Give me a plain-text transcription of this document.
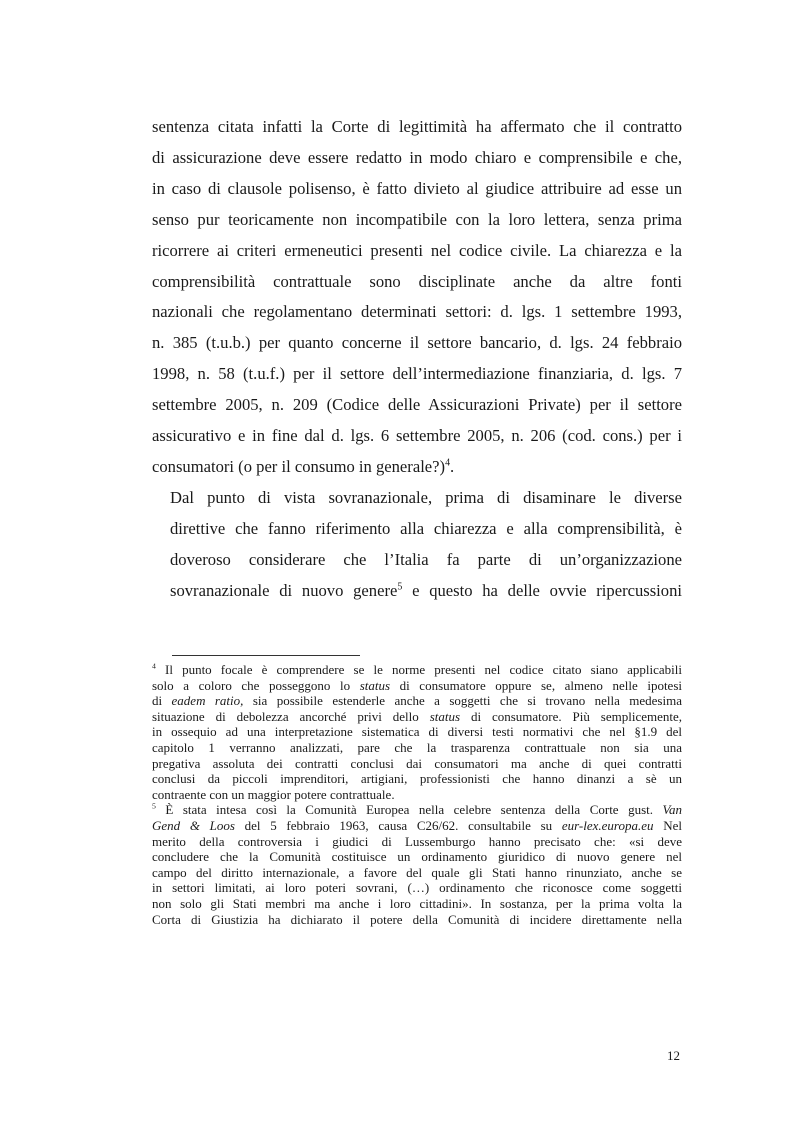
sentenza citata infatti la Corte di legittimità ha affermato che il contratto
di assicurazione deve essere redatto in modo chiaro e comprensibile e che,
in caso di clausole polisenso, è fatto divieto al giudice attribuire ad esse un
senso pur teoricamente non incompatibile con la loro lettera, senza prima
ricorrere ai criteri ermeneutici presenti nel codice civile. La chiarezza e la
comprensibilità contrattuale sono disciplinate anche da altre fonti
nazionali che regolamentano determinati settori: d. lgs. 1 settembre 1993,
n. 385 (t.u.b.) per quanto concerne il settore bancario, d. lgs. 24 febbraio
1998, n. 58 (t.u.f.) per il settore dell’intermediazione finanziaria, d. lgs. 7
settembre 2005, n. 209 (Codice delle Assicurazioni Private) per il settore
assicurativo e in fine dal d. lgs. 6 settembre 2005, n. 206 (cod. cons.) per i
consumatori (o per il consumo in generale?)$^4$.

Dal punto di vista sovranazionale, prima di disaminare le diverse
direttive che fanno riferimento alla chiarezza e alla comprensibilità, è
doveroso considerare che l’Italia fa parte di un’organizzazione
sovranazionale di nuovo genere$^5$ e questo ha delle ovvie ripercussioni

$^4$ Il punto focale è comprendere se le norme presenti nel codice citato siano applicabili
solo a coloro che posseggono lo status di consumatore oppure se, almeno nelle ipotesi
di eadem ratio, sia possibile estenderle anche a soggetti che si trovano nella medesima
situazione di debolezza ancorché privi dello status di consumatore. Più semplicemente,
in ossequio ad una interpretazione sistematica di diversi testi normativi che nel §1.9 del
capitolo 1 verranno analizzati, pare che la trasparenza contrattuale non sia una
pregativa assoluta dei contratti conclusi dai consumatori ma anche di quei contratti
conclusi da piccoli imprenditori, artigiani, professionisti che hanno dinanzi a sè un
contraente con un maggior potere contrattuale.
$^5$ È stata intesa così la Comunità Europea nella celebre sentenza della Corte gust. Van
Gend & Loos del 5 febbraio 1963, causa C26/62. consultabile su eur-lex.europa.eu Nel
merito della controversia i giudici di Lussemburgo hanno precisato che: «si deve
concludere che la Comunità costituisce un ordinamento giuridico di nuovo genere nel
campo del diritto internazionale, a favore del quale gli Stati hanno rinunziato, anche se
in settori limitati, ai loro poteri sovrani, (…) ordinamento che riconosce come soggetti
non solo gli Stati membri ma anche i loro cittadini». In sostanza, per la prima volta la
Corta di Giustizia ha dichiarato il potere della Comunità di incidere direttamente nella
12
